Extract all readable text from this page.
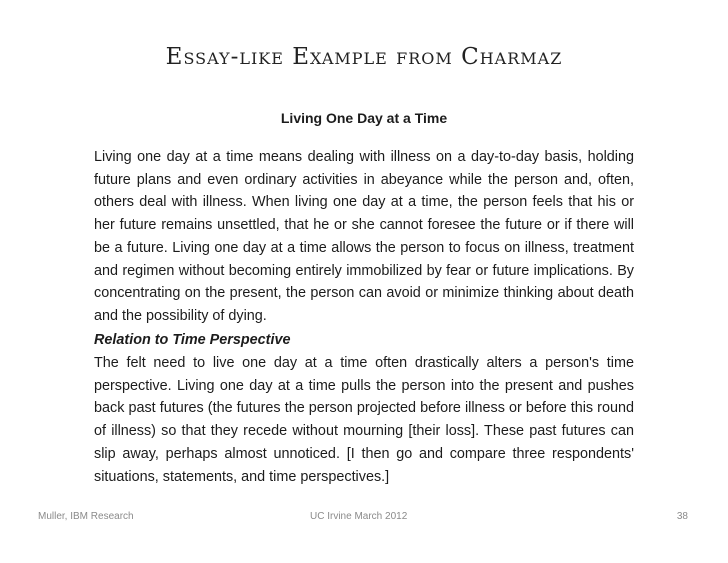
Essay-like Example from Charmaz
Living One Day at a Time

Living one day at a time means dealing with illness on a day-to-day basis, holding future plans and even ordinary activities in abeyance while the person and, often, others deal with illness. When living one day at a time, the person feels that his or her future remains unsettled, that he or she cannot foresee the future or if there will be a future. Living one day at a time allows the person to focus on illness, treatment and regimen without becoming entirely immobilized by fear or future implications. By concentrating on the present, the person can avoid or minimize thinking about death and the possibility of dying.

Relation to Time Perspective

The felt need to live one day at a time often drastically alters a person's time perspective. Living one day at a time pulls the person into the present and pushes back past futures (the futures the person projected before illness or before this round of illness) so that they recede without mourning [their loss]. These past futures can slip away, perhaps almost unnoticed. [I then go and compare three respondents' situations, statements, and time perspectives.]

Muller, IBM Research	UC Irvine March 2012	38
